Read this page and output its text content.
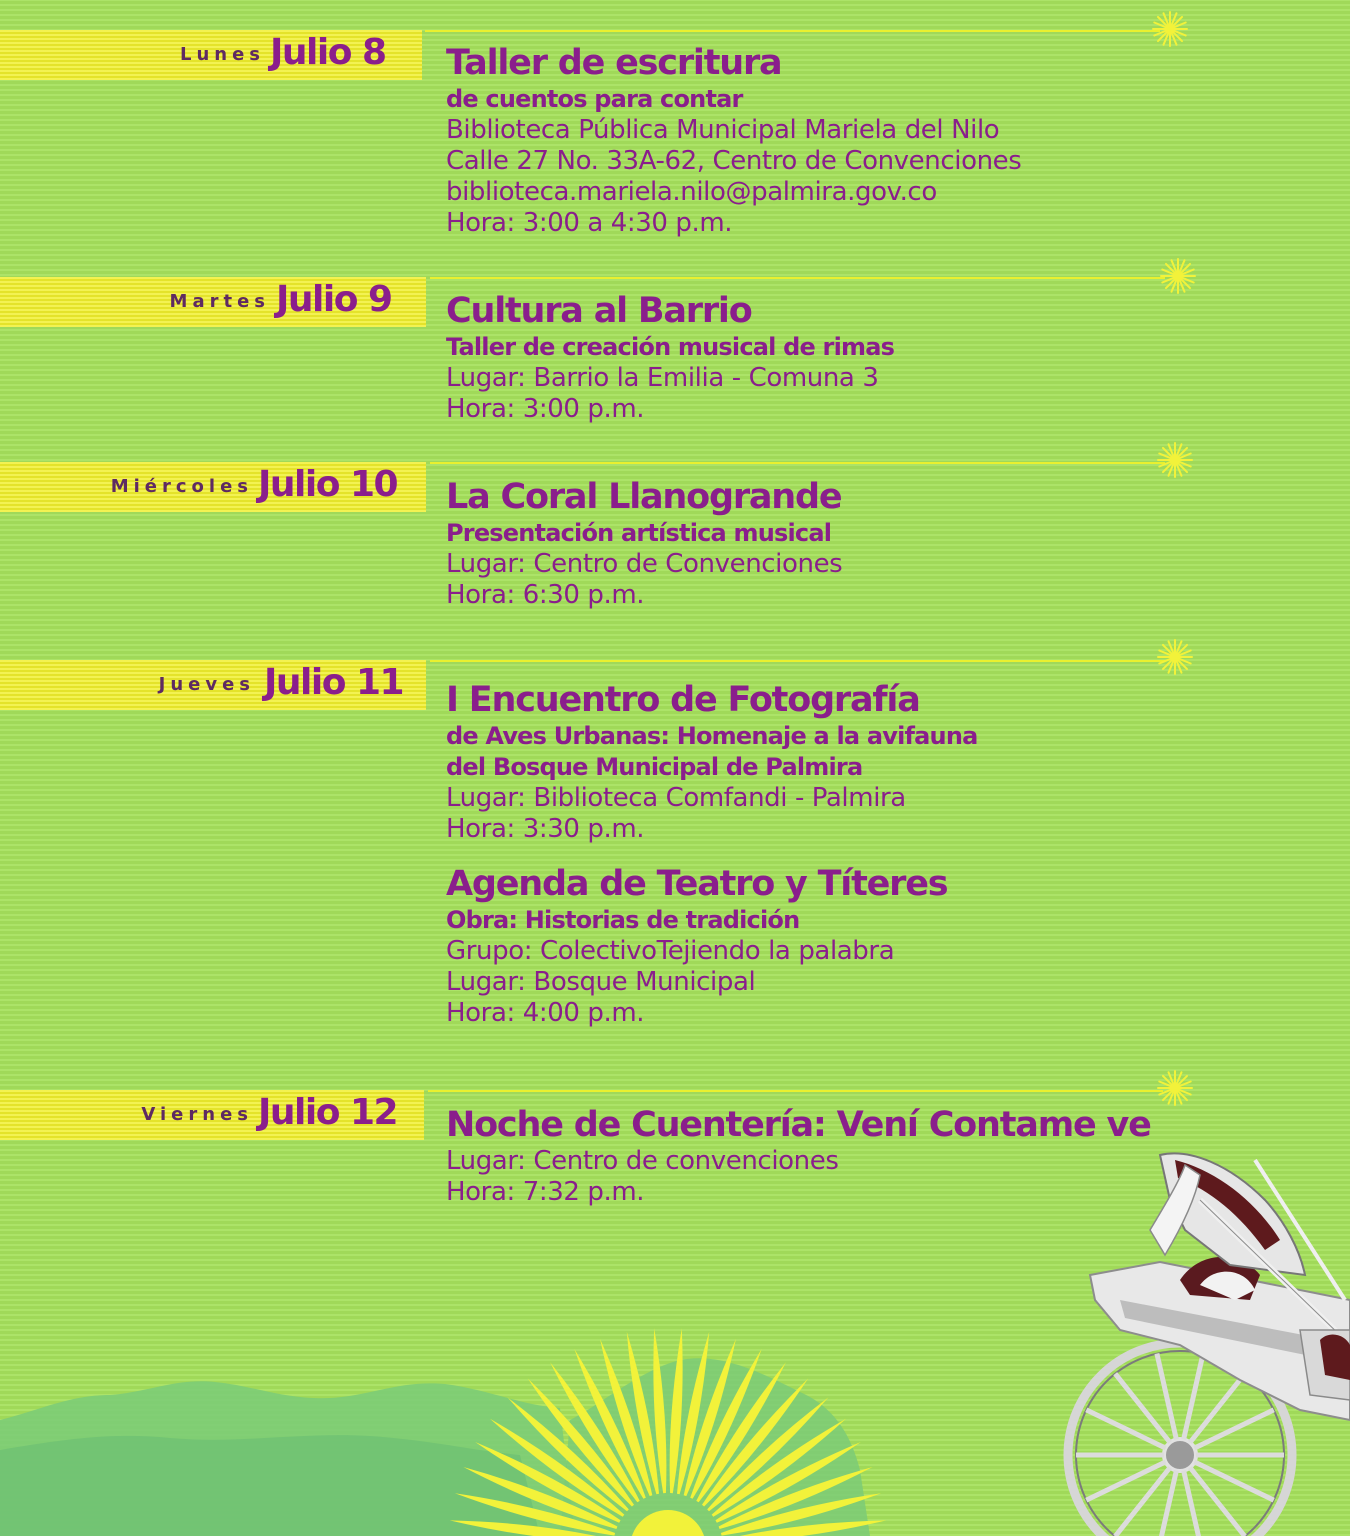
Lunes Julio 8 Taller de escritura
de cuentos para contar
Biblioteca Pública Municipal Mariela del Nilo
Calle 27 No. 33A-62, Centro de Convenciones
biblioteca.mariela.nilo@palmira.gov.co
Hora: 3:00 a 4:30 p.m.
Martes Julio 9 Cultura al Barrio
Taller de creación musical de rimas
Lugar: Barrio la Emilia - Comuna 3
Hora: 3:00 p.m.
Miércoles Julio 10 La Coral Llanogrande
Presentación artística musical
Lugar: Centro de Convenciones
Hora: 6:30 p.m.
Jueves Julio 11 I Encuentro de Fotografía
de Aves Urbanas: Homenaje a la avifauna
del Bosque Municipal de Palmira
Lugar: Biblioteca Comfandi - Palmira
Hora: 3:30 p.m.
Agenda de Teatro y Títeres
Obra: Historias de tradición
Grupo: ColectivoTejiendo la palabra
Lugar: Bosque Municipal
Hora: 4:00 p.m.
Viernes Julio 12 Noche de Cuentería: Vení Contame ve
Lugar: Centro de convenciones
Hora: 7:32 p.m.
